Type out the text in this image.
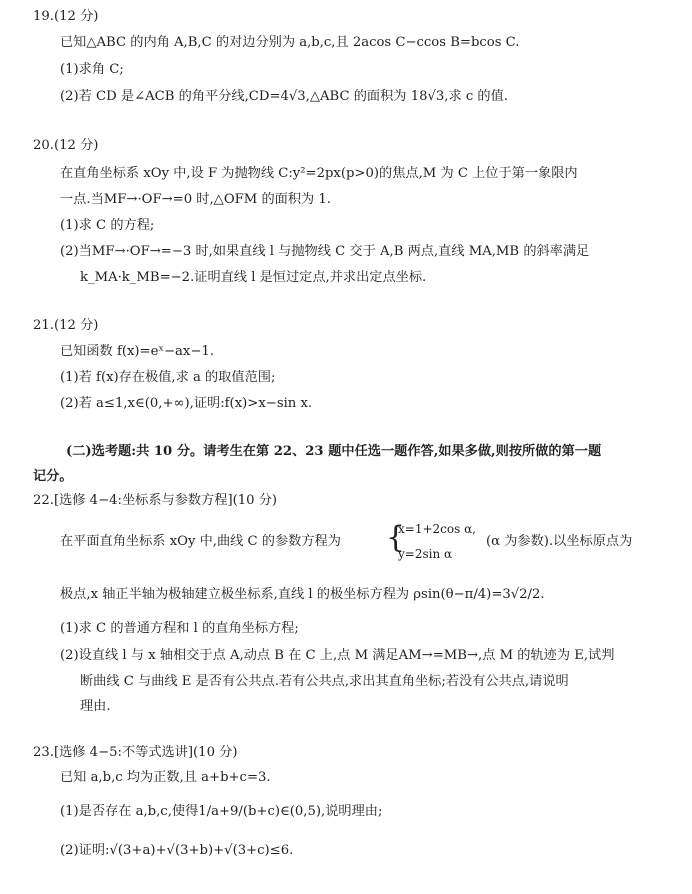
19.(12 分)
已知△ABC 的内角 A,B,C 的对边分别为 a,b,c,且 2acos C−ccos B=bcos C.
(1)求角 C;
(2)若 CD 是∠ACB 的角平分线,CD=4√3,△ABC 的面积为 18√3,求 c 的值.
20.(12 分)
在直角坐标系 xOy 中,设 F 为抛物线 C:y²=2px(p>0)的焦点,M 为 C 上位于第一象限内
一点.当MF→·OF→=0 时,△OFM 的面积为 1.
(1)求 C 的方程;
(2)当MF→·OF→=−3 时,如果直线 l 与抛物线 C 交于 A,B 两点,直线 MA,MB 的斜率满足
k_MA·k_MB=−2.证明直线 l 是恒过定点,并求出定点坐标.
21.(12 分)
已知函数 f(x)=eˣ−ax−1.
(1)若 f(x)存在极值,求 a 的取值范围;
(2)若 a≤1,x∈(0,+∞),证明:f(x)>x−sin x.
(二)选考题:共 10 分。请考生在第 22、23 题中任选一题作答,如果多做,则按所做的第一题
记分。
22.[选修 4−4:坐标系与参数方程](10 分)
在平面直角坐标系 xOy 中,曲线 C 的参数方程为 {
x=1+2cos α,
y=2sin α
(α 为参数).以坐标原点为
极点,x 轴正半轴为极轴建立极坐标系,直线 l 的极坐标方程为 ρsin(θ−π/4)=3√2/2.
(1)求 C 的普通方程和 l 的直角坐标方程;
(2)设直线 l 与 x 轴相交于点 A,动点 B 在 C 上,点 M 满足AM→=MB→,点 M 的轨迹为 E,试判
断曲线 C 与曲线 E 是否有公共点.若有公共点,求出其直角坐标;若没有公共点,请说明
理由.
23.[选修 4−5:不等式选讲](10 分)
已知 a,b,c 均为正数,且 a+b+c=3.
(1)是否存在 a,b,c,使得1/a+9/(b+c)∈(0,5),说明理由;
(2)证明:√(3+a)+√(3+b)+√(3+c)≤6.
